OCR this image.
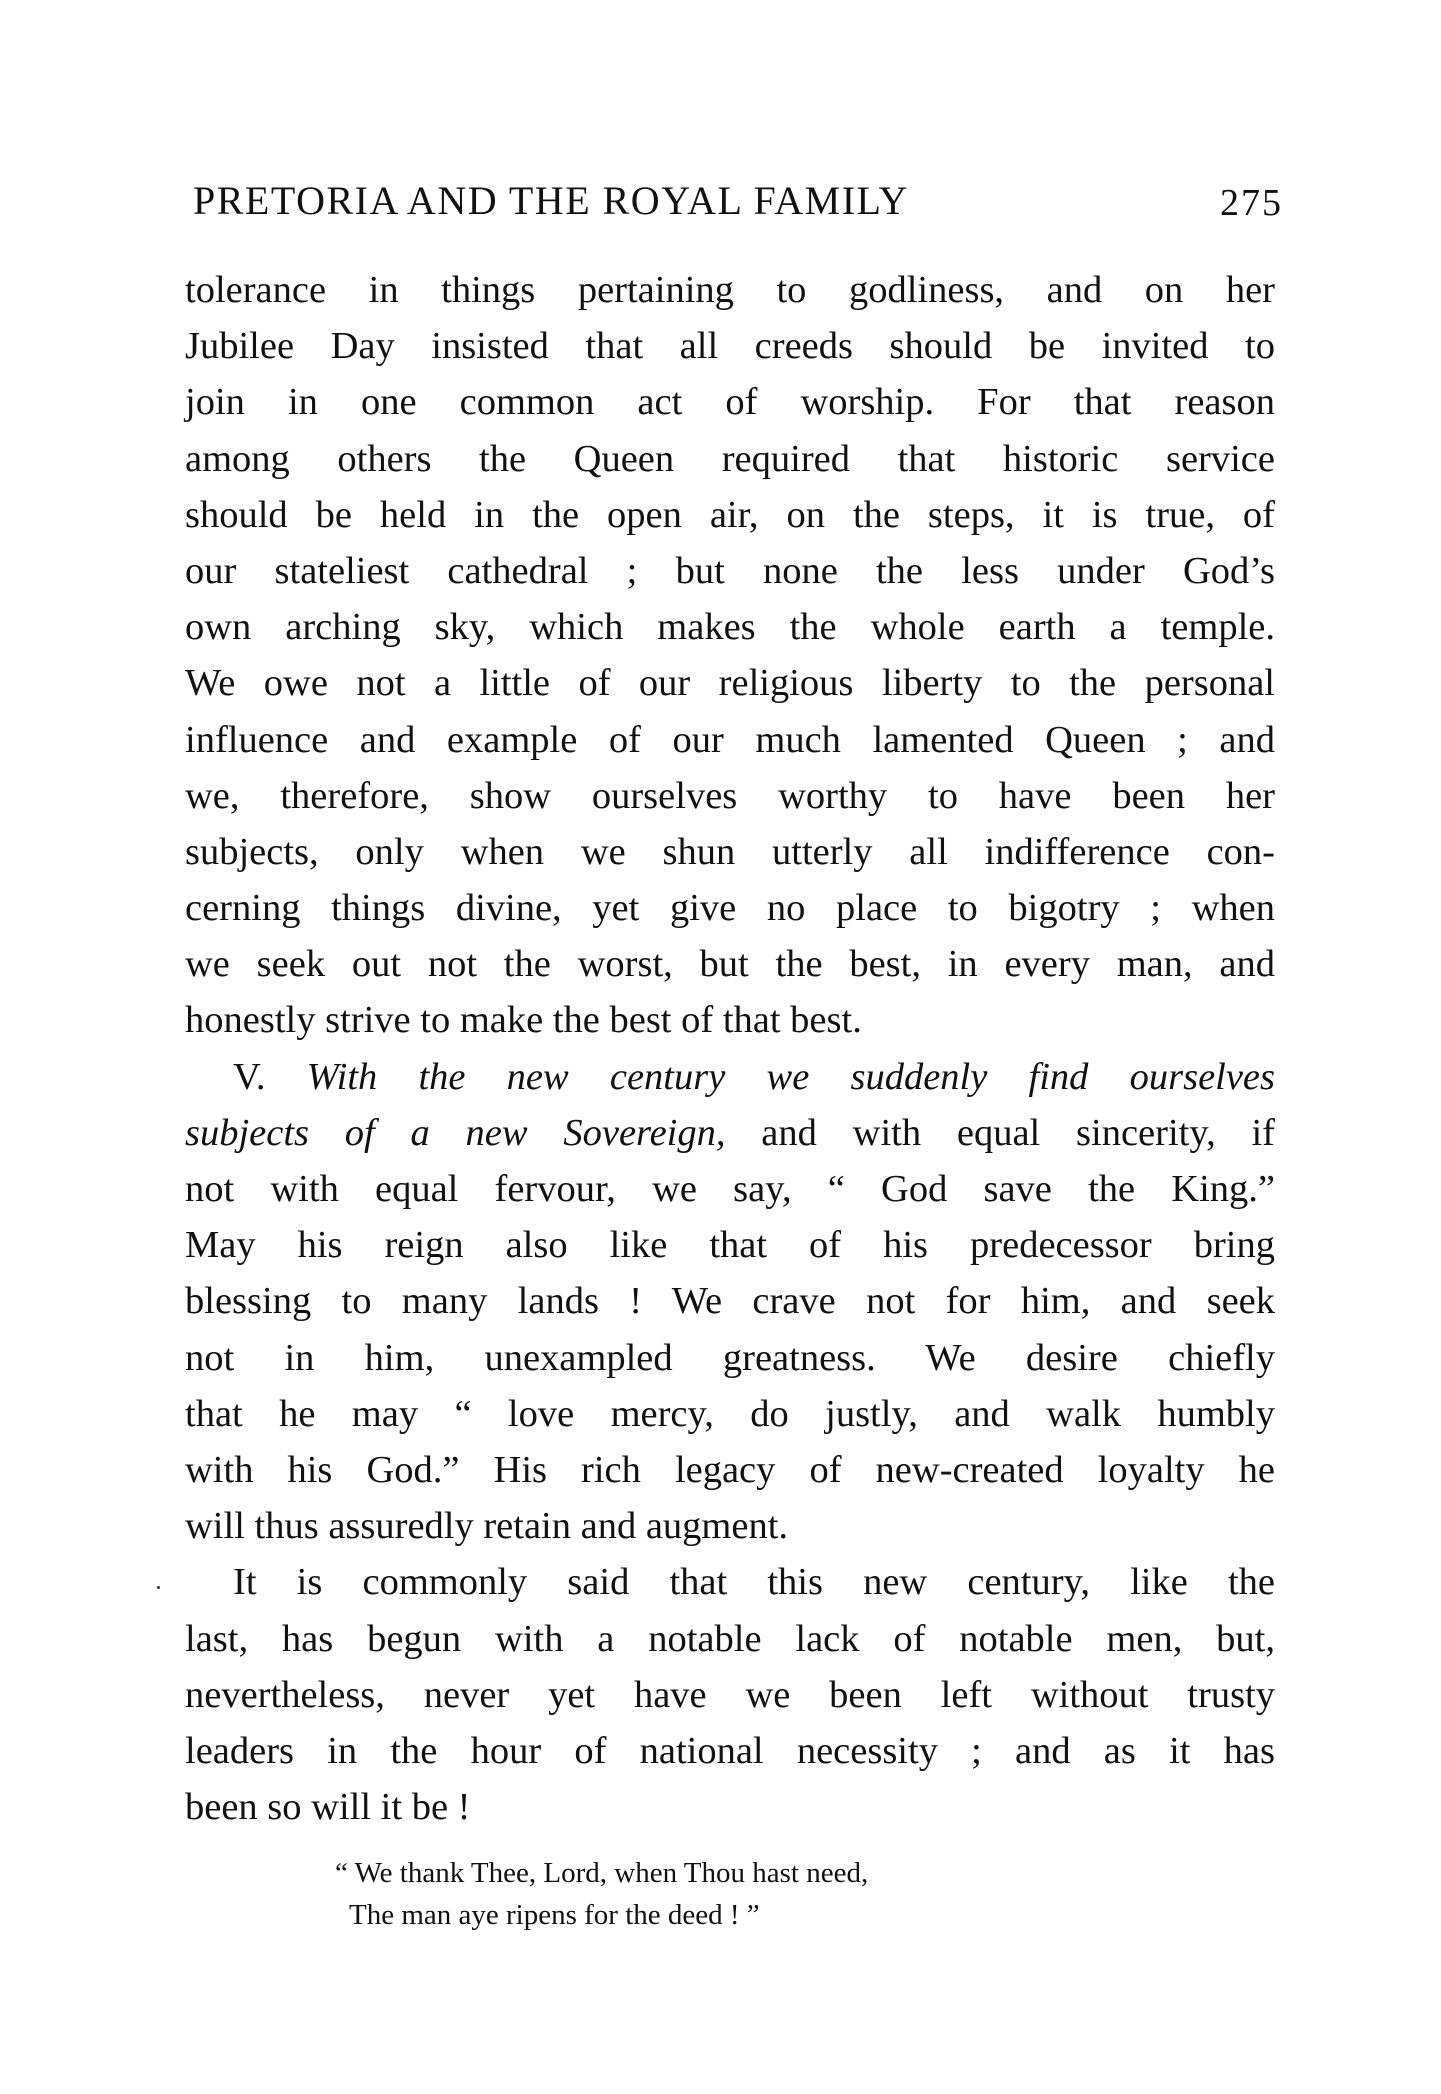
PRETORIA AND THE ROYAL FAMILY	275
tolerance in things pertaining to godliness, and on her
Jubilee Day insisted that all creeds should be invited to
join in one common act of worship. For that reason
among others the Queen required that historic service
should be held in the open air, on the steps, it is true, of
our stateliest cathedral ; but none the less under God’s
own arching sky, which makes the whole earth a temple.
We owe not a little of our religious liberty to the personal
influence and example of our much lamented Queen ; and
we, therefore, show ourselves worthy to have been her
subjects, only when we shun utterly all indifference con-
cerning things divine, yet give no place to bigotry ; when
we seek out not the worst, but the best, in every man, and
honestly strive to make the best of that best.
V. With the new century we suddenly find ourselves
subjects of a new Sovereign, and with equal sincerity, if
not with equal fervour, we say, “ God save the King.”
May his reign also like that of his predecessor bring
blessing to many lands ! We crave not for him, and seek
not in him, unexampled greatness. We desire chiefly
that he may “ love mercy, do justly, and walk humbly
with his God.” His rich legacy of new-created loyalty he
will thus assuredly retain and augment.
It is commonly said that this new century, like the
last, has begun with a notable lack of notable men, but,
nevertheless, never yet have we been left without trusty
leaders in the hour of national necessity ; and as it has
been so will it be !
“ We thank Thee, Lord, when Thou hast need,
The man aye ripens for the deed ! ”
